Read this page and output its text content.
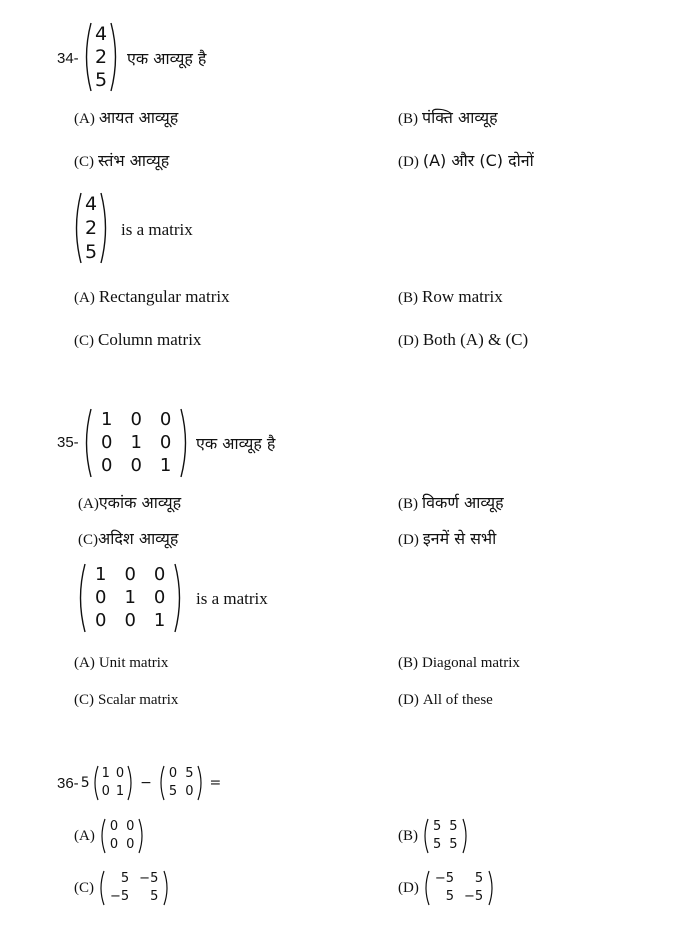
34-
4
2
5
एक आव्यूह है
(A) आयत आव्यूह	(B) पंक्ति आव्यूह
(C) स्तंभ आव्यूह	(D) (A) और (C) दोनों
4
2
5
is a matrix
(A) Rectangular matrix	(B) Row matrix
(C) Column matrix	(D) Both (A) & (C)
35-
1	0	0
0	1	0
0	0	1
एक आव्यूह है
(A)एकांक आव्यूह	(B) विकर्ण आव्यूह
(C)अदिश आव्यूह	(D) इनमें से सभी
1	0	0
0	1	0
0	0	1
is a matrix
(A) Unit matrix	(B) Diagonal matrix
(C) Scalar matrix	(D) All of these
36- 5
1	0
0	1
−
0	5
5	0
=
(A)
0	0
0	0
(B)
5	5
5	5
(C)
5	−5
−5	5
(D)
−5	5
5	−5
